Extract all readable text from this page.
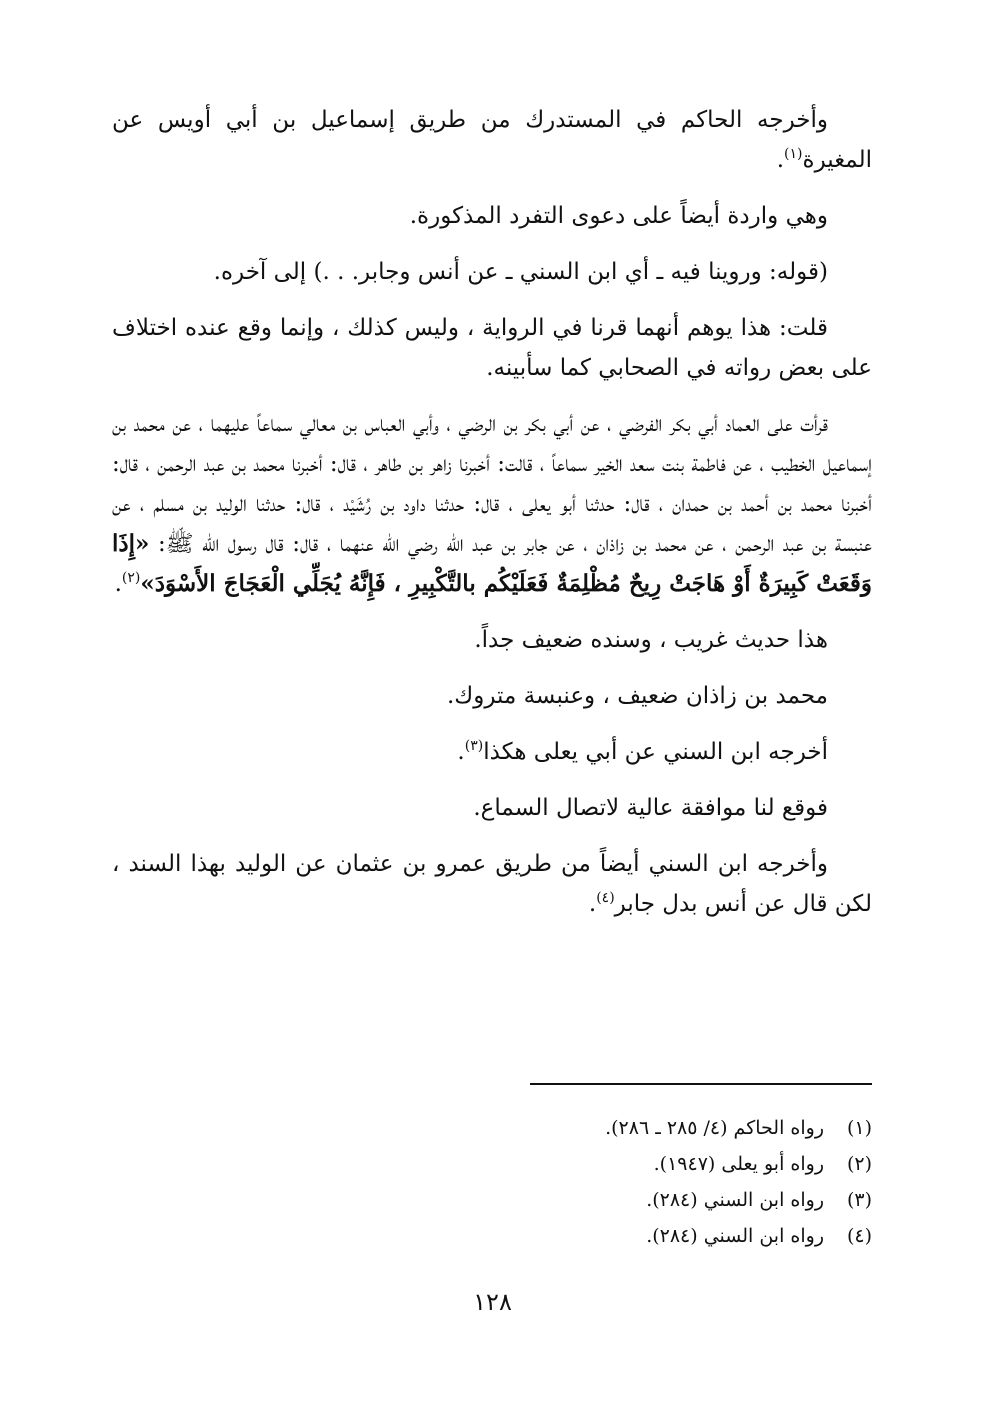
وأخرجه الحاكم في المستدرك من طريق إسماعيل بن أبي أويس عن المغيرة$^{(١)}$.

وهي واردة أيضاً على دعوى التفرد المذكورة.

(قوله: وروينا فيه ـ أي ابن السني ـ عن أنس وجابر. . .) إلى آخره.

قلت: هذا يوهم أنهما قرنا في الرواية ، وليس كذلك ، وإنما وقع عنده اختلاف على بعض رواته في الصحابي كما سأبينه.

قرأت على العماد أبي بكر الفرضي ، عن أبي بكر بن الرضي ، وأبي العباس بن معالي سماعاً عليهما ، عن محمد بن إسماعيل الخطيب ، عن فاطمة بنت سعد الخير سماعاً ، قالت: أخبرنا زاهر بن طاهر ، قال: أخبرنا محمد بن عبد الرحمن ، قال: أخبرنا محمد بن أحمد بن حمدان ، قال: حدثنا أبو يعلى ، قال: حدثنا داود بن رُشَيْد ، قال: حدثنا الوليد بن مسلم ، عن عنبسة بن عبد الرحمن ، عن محمد بن زاذان ، عن جابر بن عبد الله رضي الله عنهما ، قال: قال رسول الله ﷺ: «إِذَا وَقَعَتْ كَبِيرَةٌ أَوْ هَاجَتْ رِيحٌ مُظْلِمَةٌ فَعَلَيْكُم بالتَّكْبِيرِ ، فَإِنَّهُ يُجَلِّي الْعَجَاجَ الأَسْوَدَ»$^{(٢)}$.

هذا حديث غريب ، وسنده ضعيف جداً.

محمد بن زاذان ضعيف ، وعنبسة متروك.

أخرجه ابن السني عن أبي يعلى هكذا$^{(٣)}$.

فوقع لنا موافقة عالية لاتصال السماع.

وأخرجه ابن السني أيضاً من طريق عمرو بن عثمان عن الوليد بهذا السند ، لكن قال عن أنس بدل جابر$^{(٤)}$.

(١)رواه الحاكم (٤/ ٢٨٥ ـ ٢٨٦).

(٢)رواه أبو يعلى (١٩٤٧).

(٣)رواه ابن السني (٢٨٤).

(٤)رواه ابن السني (٢٨٤).

١٢٨
